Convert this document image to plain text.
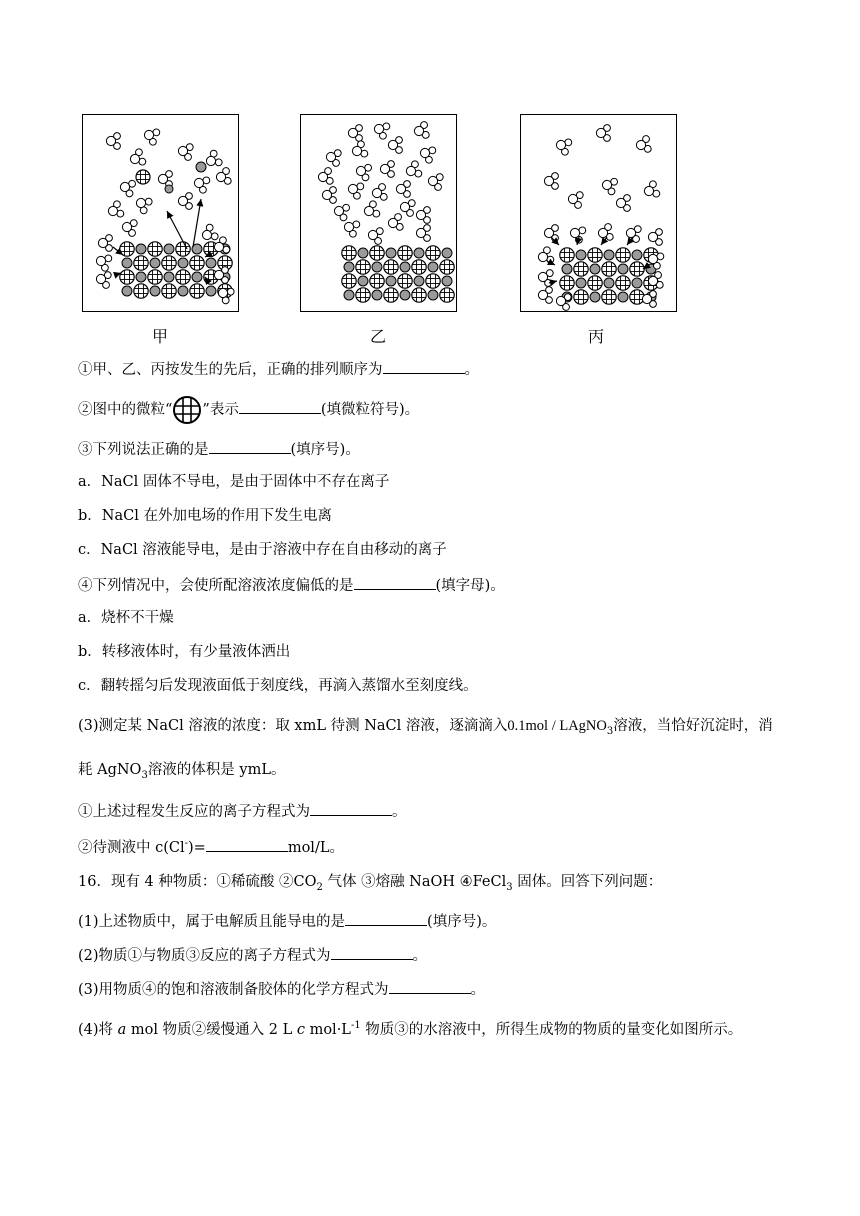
甲	乙	丙
①甲、乙、丙按发生的先后，正确的排列顺序为	。
②图中的微粒“ ”表示	(填微粒符号)。
③下列说法正确的是	(填序号)。
a．NaCl 固体不导电，是由于固体中不存在离子
b．NaCl 在外加电场的作用下发生电离
c．NaCl 溶液能导电，是由于溶液中存在自由移动的离子
④下列情况中，会使所配溶液浓度偏低的是	(填字母)。
a．烧杯不干燥
b．转移液体时，有少量液体洒出
c．翻转摇匀后发现液面低于刻度线，再滴入蒸馏水至刻度线。
(3)测定某 NaCl 溶液的浓度：取 xmL 待测 NaCl 溶液，逐滴滴入0.1mol / LAgNO$_3$溶液，当恰好沉淀时，消
耗 AgNO$_3$溶液的体积是 ymL。
①上述过程发生反应的离子方程式为	。
②待测液中 c(Cl-)=	mol/L。
16．现有 4 种物质：①稀硫酸 $②CO_2$ 气体 ③熔融 NaOH ④FeCl$_3$ 固体。回答下列问题：
(1)上述物质中，属于电解质且能导电的是	(填序号)。
(2)物质①与物质③反应的离子方程式为	。
(3)用物质④的饱和溶液制备胶体的化学方程式为	。
(4)将 a mol 物质②缓慢通入 2 L c $mol\cdot L^{-1}$ 物质③的水溶液中，所得生成物的物质的量变化如图所示。
